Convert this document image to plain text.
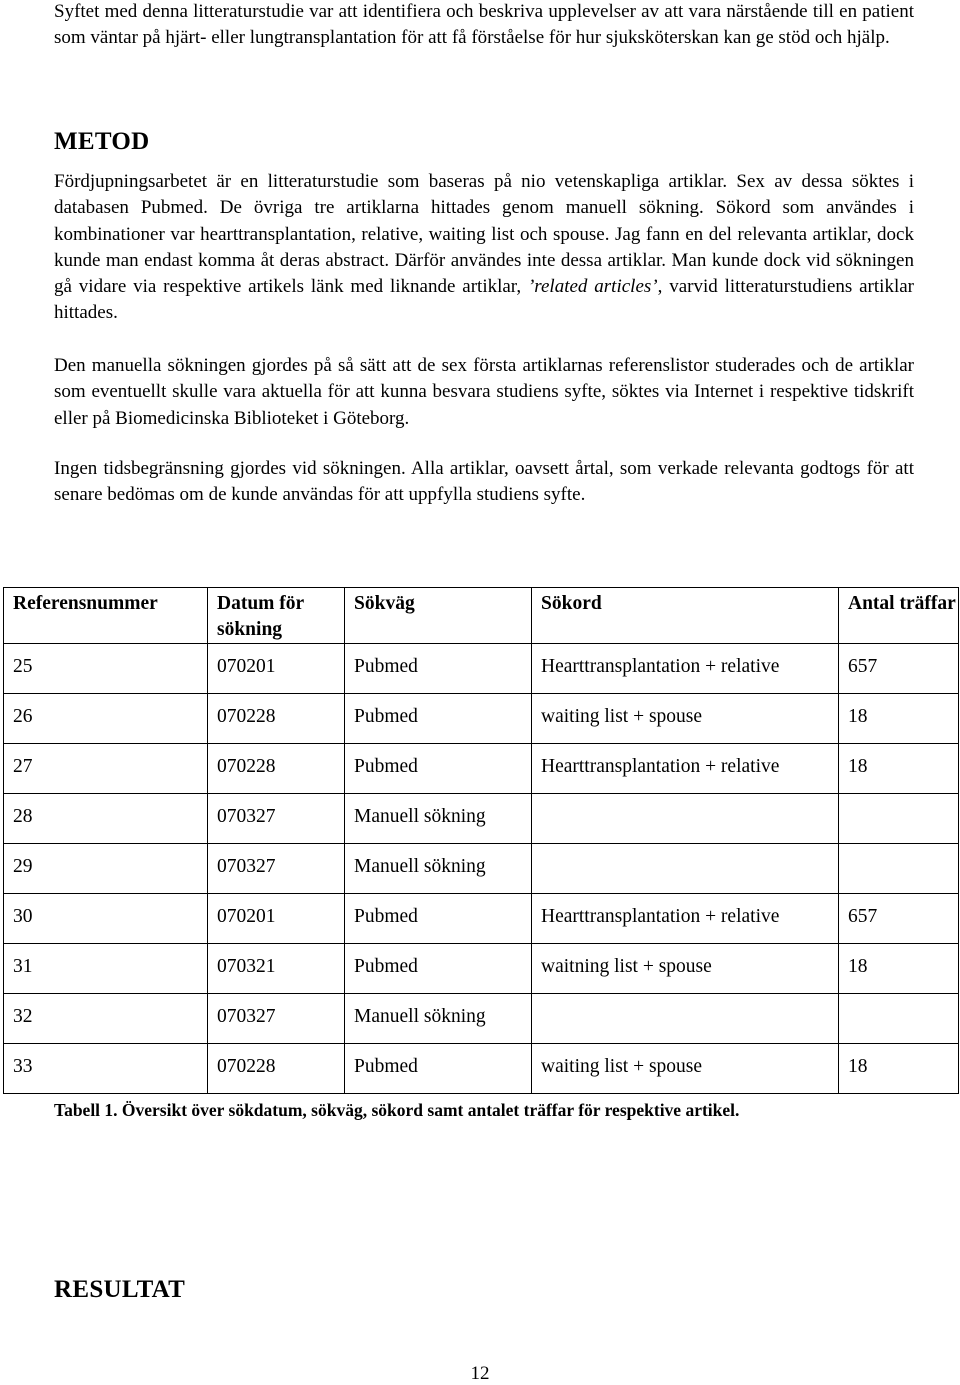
Syftet med denna litteraturstudie var att identifiera och beskriva upplevelser av att vara närstående till en patient som väntar på hjärt- eller lungtransplantation för att få förståelse för hur sjuksköterskan kan ge stöd och hjälp.

METOD

Fördjupningsarbetet är en litteraturstudie som baseras på nio vetenskapliga artiklar. Sex av dessa söktes i databasen Pubmed. De övriga tre artiklarna hittades genom manuell sökning. Sökord som användes i kombinationer var hearttransplantation, relative, waiting list och spouse. Jag fann en del relevanta artiklar, dock kunde man endast komma åt deras abstract. Därför användes inte dessa artiklar. Man kunde dock vid sökningen gå vidare via respektive artikels länk med liknande artiklar, ’related articles’, varvid litteraturstudiens artiklar hittades.

Den manuella sökningen gjordes på så sätt att de sex första artiklarnas referenslistor studerades och de artiklar som eventuellt skulle vara aktuella för att kunna besvara studiens syfte, söktes via Internet i respektive tidskrift eller på Biomedicinska Biblioteket i Göteborg.

Ingen tidsbegränsning gjordes vid sökningen. Alla artiklar, oavsett årtal, som verkade relevanta godtogs för att senare bedömas om de kunde användas för att uppfylla studiens syfte.

Referensnummer	Datum för sökning	Sökväg	Sökord	Antal träffar
25	070201	Pubmed	Hearttransplantation + relative	657
26	070228	Pubmed	waiting list + spouse	18
27	070228	Pubmed	Hearttransplantation + relative	18
28	070327	Manuell sökning		
29	070327	Manuell sökning		
30	070201	Pubmed	Hearttransplantation + relative	657
31	070321	Pubmed	waitning list + spouse	18
32	070327	Manuell sökning		
33	070228	Pubmed	waiting list + spouse	18

Tabell 1. Översikt över sökdatum, sökväg, sökord samt antalet träffar för respektive artikel.

RESULTAT

12
